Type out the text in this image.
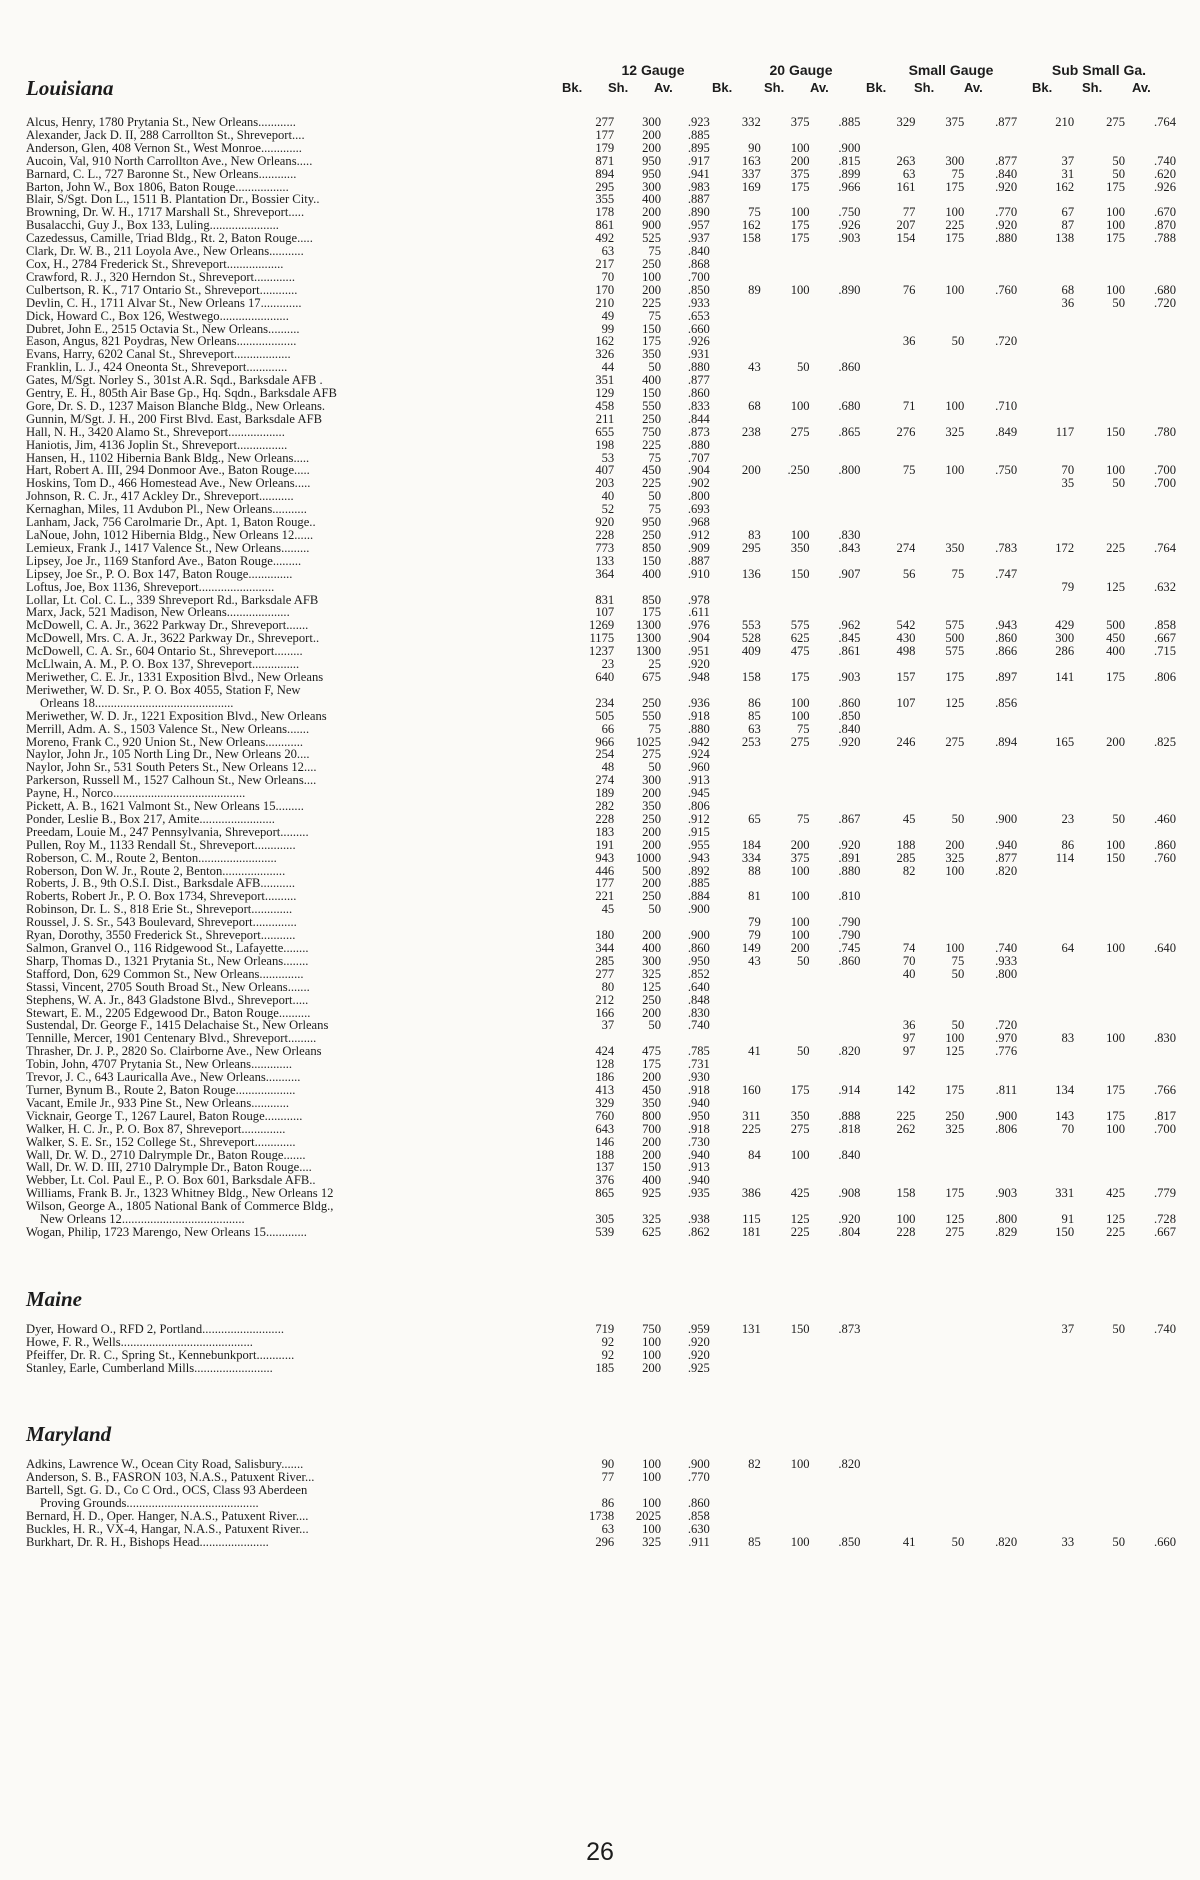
Louisiana
12 Gauge	20 Gauge	Small Gauge	Sub Small Ga.
Bk. Sh. Av.	Bk. Sh. Av.	Bk. Sh. Av.	Bk. Sh. Av.
Alcus, Henry, 1780 Prytania St., New Orleans............	277	300	.923	332	375	.885	329	375	.877	210	275	.764
Alexander, Jack D. II, 288 Carrollton St., Shreveport....	177	200	.885									
Anderson, Glen, 408 Vernon St., West Monroe.............	179	200	.895	90	100	.900						
Aucoin, Val, 910 North Carrollton Ave., New Orleans.....	871	950	.917	163	200	.815	263	300	.877	37	50	.740
Barnard, C. L., 727 Baronne St., New Orleans............	894	950	.941	337	375	.899	63	75	.840	31	50	.620
Barton, John W., Box 1806, Baton Rouge.................	295	300	.983	169	175	.966	161	175	.920	162	175	.926
Blair, S/Sgt. Don L., 1511 B. Plantation Dr., Bossier City..	355	400	.887									
Browning, Dr. W. H., 1717 Marshall St., Shreveport.....	178	200	.890	75	100	.750	77	100	.770	67	100	.670
Busalacchi, Guy J., Box 133, Luling......................	861	900	.957	162	175	.926	207	225	.920	87	100	.870
Cazedessus, Camille, Triad Bldg., Rt. 2, Baton Rouge.....	492	525	.937	158	175	.903	154	175	.880	138	175	.788
Clark, Dr. W. B., 211 Loyola Ave., New Orleans...........	63	75	.840									
Cox, H., 2784 Frederick St., Shreveport..................	217	250	.868									
Crawford, R. J., 320 Herndon St., Shreveport.............	70	100	.700									
Culbertson, R. K., 717 Ontario St., Shreveport............	170	200	.850	89	100	.890	76	100	.760	68	100	.680
Devlin, C. H., 1711 Alvar St., New Orleans 17.............	210	225	.933							36	50	.720
Dick, Howard C., Box 126, Westwego......................	49	75	.653									
Dubret, John E., 2515 Octavia St., New Orleans..........	99	150	.660									
Eason, Angus, 821 Poydras, New Orleans...................	162	175	.926				36	50	.720			
Evans, Harry, 6202 Canal St., Shreveport..................	326	350	.931									
Franklin, L. J., 424 Oneonta St., Shreveport.............	44	50	.880	43	50	.860						
Gates, M/Sgt. Norley S., 301st A.R. Sqd., Barksdale AFB .	351	400	.877									
Gentry, E. H., 805th Air Base Gp., Hq. Sqdn., Barksdale AFB	129	150	.860									
Gore, Dr. S. D., 1237 Maison Blanche Bldg., New Orleans.	458	550	.833	68	100	.680	71	100	.710			
Gunnin, M/Sgt. J. H., 200 First Blvd. East, Barksdale AFB	211	250	.844									
Hall, N. H., 3420 Alamo St., Shreveport..................	655	750	.873	238	275	.865	276	325	.849	117	150	.780
Haniotis, Jim, 4136 Joplin St., Shreveport................	198	225	.880									
Hansen, H., 1102 Hibernia Bank Bldg., New Orleans.....	53	75	.707									
Hart, Robert A. III, 294 Donmoor Ave., Baton Rouge.....	407	450	.904	200	.250	.800	75	100	.750	70	100	.700
Hoskins, Tom D., 466 Homestead Ave., New Orleans.....	203	225	.902							35	50	.700
Johnson, R. C. Jr., 417 Ackley Dr., Shreveport...........	40	50	.800									
Kernaghan, Miles, 11 Avdubon Pl., New Orleans...........	52	75	.693									
Lanham, Jack, 756 Carolmarie Dr., Apt. 1, Baton Rouge..	920	950	.968									
LaNoue, John, 1012 Hibernia Bldg., New Orleans 12......	228	250	.912	83	100	.830						
Lemieux, Frank J., 1417 Valence St., New Orleans.........	773	850	.909	295	350	.843	274	350	.783	172	225	.764
Lipsey, Joe Jr., 1169 Stanford Ave., Baton Rouge.........	133	150	.887									
Lipsey, Joe Sr., P. O. Box 147, Baton Rouge..............	364	400	.910	136	150	.907	56	75	.747			
Loftus, Joe, Box 1136, Shreveport........................										79	125	.632
Lollar, Lt. Col. C. L., 339 Shreveport Rd., Barksdale AFB	831	850	.978									
Marx, Jack, 521 Madison, New Orleans....................	107	175	.611									
McDowell, C. A. Jr., 3622 Parkway Dr., Shreveport.......	1269	1300	.976	553	575	.962	542	575	.943	429	500	.858
McDowell, Mrs. C. A. Jr., 3622 Parkway Dr., Shreveport..	1175	1300	.904	528	625	.845	430	500	.860	300	450	.667
McDowell, C. A. Sr., 604 Ontario St., Shreveport.........	1237	1300	.951	409	475	.861	498	575	.866	286	400	.715
McLlwain, A. M., P. O. Box 137, Shreveport...............	23	25	.920									
Meriwether, C. E. Jr., 1331 Exposition Blvd., New Orleans	640	675	.948	158	175	.903	157	175	.897	141	175	.806
Meriwether, W. D. Sr., P. O. Box 4055, Station F, New												
Orleans 18............................................	234	250	.936	86	100	.860	107	125	.856			
Meriwether, W. D. Jr., 1221 Exposition Blvd., New Orleans	505	550	.918	85	100	.850						
Merrill, Adm. A. S., 1503 Valence St., New Orleans.......	66	75	.880	63	75	.840						
Moreno, Frank C., 920 Union St., New Orleans............	966	1025	.942	253	275	.920	246	275	.894	165	200	.825
Naylor, John Jr., 105 North Ling Dr., New Orleans 20....	254	275	.924									
Naylor, John Sr., 531 South Peters St., New Orleans 12....	48	50	.960									
Parkerson, Russell M., 1527 Calhoun St., New Orleans....	274	300	.913									
Payne, H., Norco..........................................	189	200	.945									
Pickett, A. B., 1621 Valmont St., New Orleans 15.........	282	350	.806									
Ponder, Leslie B., Box 217, Amite........................	228	250	.912	65	75	.867	45	50	.900	23	50	.460
Preedam, Louie M., 247 Pennsylvania, Shreveport.........	183	200	.915									
Pullen, Roy M., 1133 Rendall St., Shreveport.............	191	200	.955	184	200	.920	188	200	.940	86	100	.860
Roberson, C. M., Route 2, Benton.........................	943	1000	.943	334	375	.891	285	325	.877	114	150	.760
Roberson, Don W. Jr., Route 2, Benton....................	446	500	.892	88	100	.880	82	100	.820			
Roberts, J. B., 9th O.S.I. Dist., Barksdale AFB...........	177	200	.885									
Roberts, Robert Jr., P. O. Box 1734, Shreveport..........	221	250	.884	81	100	.810						
Robinson, Dr. L. S., 818 Erie St., Shreveport.............	45	50	.900									
Roussel, J. S. Sr., 543 Boulevard, Shreveport..............				79	100	.790						
Ryan, Dorothy, 3550 Frederick St., Shreveport...........	180	200	.900	79	100	.790						
Salmon, Granvel O., 116 Ridgewood St., Lafayette........	344	400	.860	149	200	.745	74	100	.740	64	100	.640
Sharp, Thomas D., 1321 Prytania St., New Orleans........	285	300	.950	43	50	.860	70	75	.933			
Stafford, Don, 629 Common St., New Orleans..............	277	325	.852				40	50	.800			
Stassi, Vincent, 2705 South Broad St., New Orleans.......	80	125	.640									
Stephens, W. A. Jr., 843 Gladstone Blvd., Shreveport.....	212	250	.848									
Stewart, E. M., 2205 Edgewood Dr., Baton Rouge..........	166	200	.830									
Sustendal, Dr. George F., 1415 Delachaise St., New Orleans	37	50	.740				36	50	.720			
Tennille, Mercer, 1901 Centenary Blvd., Shreveport.........							97	100	.970	83	100	.830
Thrasher, Dr. J. P., 2820 So. Clairborne Ave., New Orleans	424	475	.785	41	50	.820	97	125	.776			
Tobin, John, 4707 Prytania St., New Orleans.............	128	175	.731									
Trevor, J. C., 643 Lauricalla Ave., New Orleans...........	186	200	.930									
Turner, Bynum B., Route 2, Baton Rouge...................	413	450	.918	160	175	.914	142	175	.811	134	175	.766
Vacant, Emile Jr., 933 Pine St., New Orleans............	329	350	.940									
Vicknair, George T., 1267 Laurel, Baton Rouge............	760	800	.950	311	350	.888	225	250	.900	143	175	.817
Walker, H. C. Jr., P. O. Box 87, Shreveport..............	643	700	.918	225	275	.818	262	325	.806	70	100	.700
Walker, S. E. Sr., 152 College St., Shreveport.............	146	200	.730									
Wall, Dr. W. D., 2710 Dalrymple Dr., Baton Rouge.......	188	200	.940	84	100	.840						
Wall, Dr. W. D. III, 2710 Dalrymple Dr., Baton Rouge....	137	150	.913									
Webber, Lt. Col. Paul E., P. O. Box 601, Barksdale AFB..	376	400	.940									
Williams, Frank B. Jr., 1323 Whitney Bldg., New Orleans 12	865	925	.935	386	425	.908	158	175	.903	331	425	.779
Wilson, George A., 1805 National Bank of Commerce Bldg.,												
New Orleans 12.......................................	305	325	.938	115	125	.920	100	125	.800	91	125	.728
Wogan, Philip, 1723 Marengo, New Orleans 15.............	539	625	.862	181	225	.804	228	275	.829	150	225	.667
Maine
Dyer, Howard O., RFD 2, Portland..........................	719	750	.959	131	150	.873				37	50	.740
Howe, F. R., Wells..........................................	92	100	.920									
Pfeiffer, Dr. R. C., Spring St., Kennebunkport............	92	100	.920									
Stanley, Earle, Cumberland Mills.........................	185	200	.925									
Maryland
Adkins, Lawrence W., Ocean City Road, Salisbury.......	90	100	.900	82	100	.820						
Anderson, S. B., FASRON 103, N.A.S., Patuxent River...	77	100	.770									
Bartell, Sgt. G. D., Co C Ord., OCS, Class 93 Aberdeen												
Proving Grounds..........................................	86	100	.860									
Bernard, H. D., Oper. Hanger, N.A.S., Patuxent River....	1738	2025	.858									
Buckles, H. R., VX-4, Hangar, N.A.S., Patuxent River...	63	100	.630									
Burkhart, Dr. R. H., Bishops Head......................	296	325	.911	85	100	.850	41	50	.820	33	50	.660
26
